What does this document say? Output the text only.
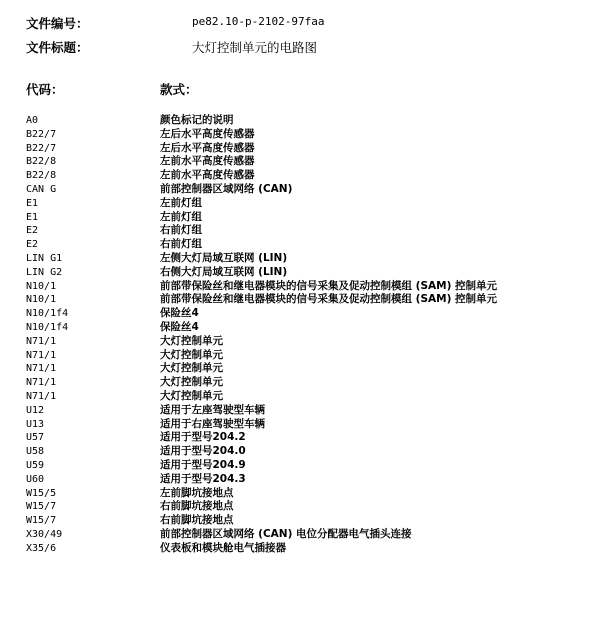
文件编号：	pe82.10-p-2102-97faa
文件标题：	大灯控制单元的电路图
代码：	款式：
A0	颜色标记的说明
B22/7	左后水平高度传感器
B22/7	左后水平高度传感器
B22/8	左前水平高度传感器
B22/8	左前水平高度传感器
CAN G	前部控制器区域网络 (CAN)
E1	左前灯组
E1	左前灯组
E2	右前灯组
E2	右前灯组
LIN G1	左侧大灯局域互联网 (LIN)
LIN G2	右侧大灯局域互联网 (LIN)
N10/1	前部带保险丝和继电器模块的信号采集及促动控制模组 (SAM) 控制单元
N10/1	前部带保险丝和继电器模块的信号采集及促动控制模组 (SAM) 控制单元
N10/1f4	保险丝4
N10/1f4	保险丝4
N71/1	大灯控制单元
N71/1	大灯控制单元
N71/1	大灯控制单元
N71/1	大灯控制单元
N71/1	大灯控制单元
U12	适用于左座驾驶型车辆
U13	适用于右座驾驶型车辆
U57	适用于型号204.2
U58	适用于型号204.0
U59	适用于型号204.9
U60	适用于型号204.3
W15/5	左前脚坑接地点
W15/7	右前脚坑接地点
W15/7	右前脚坑接地点
X30/49	前部控制器区域网络 (CAN) 电位分配器电气插头连接
X35/6	仪表板和模块舱电气插接器
